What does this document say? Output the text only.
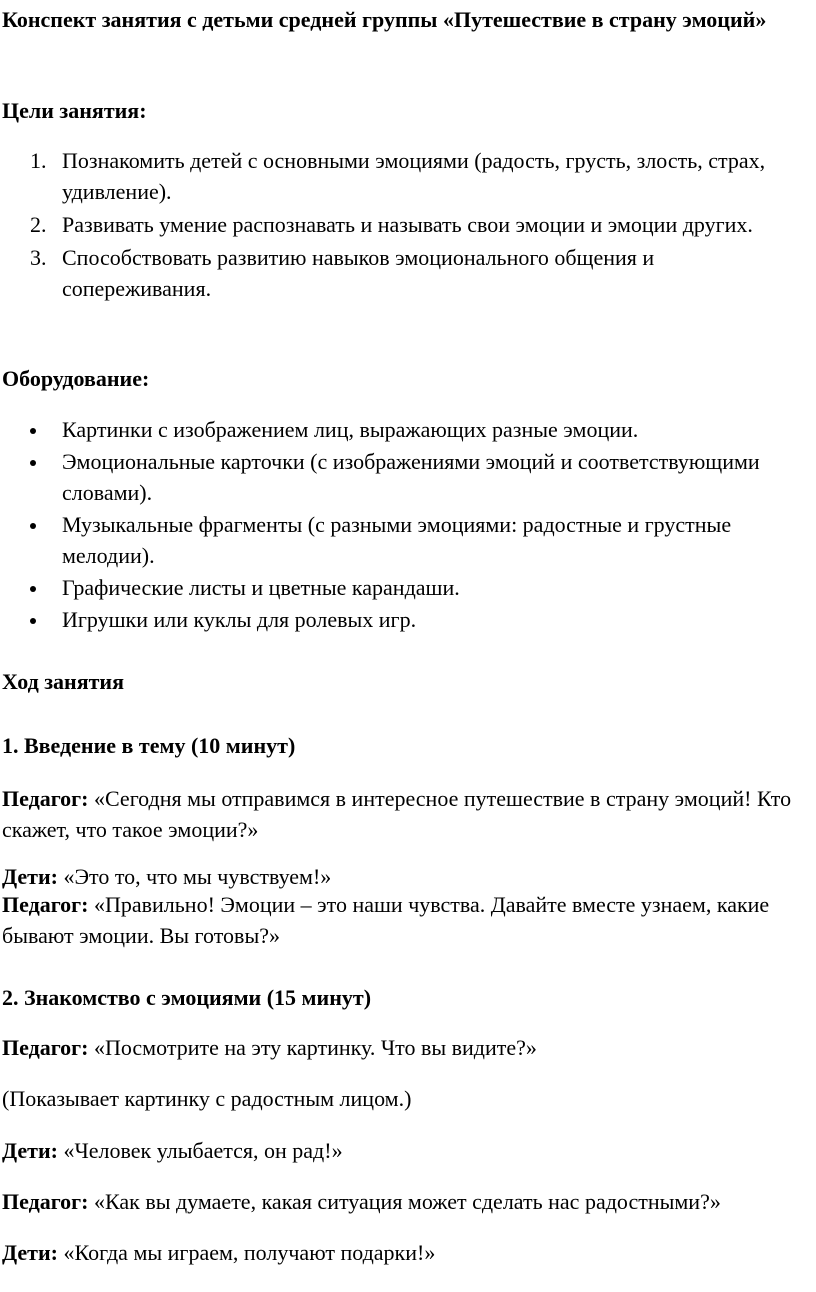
Конспект занятия с детьми средней группы «Путешествие в страну эмоций»
Цели занятия:
1. Познакомить детей с основными эмоциями (радость, грусть, злость, страх, удивление).
2. Развивать умение распознавать и называть свои эмоции и эмоции других.
3. Способствовать развитию навыков эмоционального общения и сопереживания.
Оборудование:
Картинки с изображением лиц, выражающих разные эмоции.
Эмоциональные карточки (с изображениями эмоций и соответствующими словами).
Музыкальные фрагменты (с разными эмоциями: радостные и грустные мелодии).
Графические листы и цветные карандаши.
Игрушки или куклы для ролевых игр.
Ход занятия
1. Введение в тему (10 минут)

Педагог: «Сегодня мы отправимся в интересное путешествие в страну эмоций! Кто скажет, что такое эмоции?»

Дети: «Это то, что мы чувствуем!»

Педагог: «Правильно! Эмоции – это наши чувства. Давайте вместе узнаем, какие бывают эмоции. Вы готовы?»

2. Знакомство с эмоциями (15 минут)

Педагог: «Посмотрите на эту картинку. Что вы видите?»

(Показывает картинку с радостным лицом.)

Дети: «Человек улыбается, он рад!»

Педагог: «Как вы думаете, какая ситуация может сделать нас радостными?»

Дети: «Когда мы играем, получают подарки!»
